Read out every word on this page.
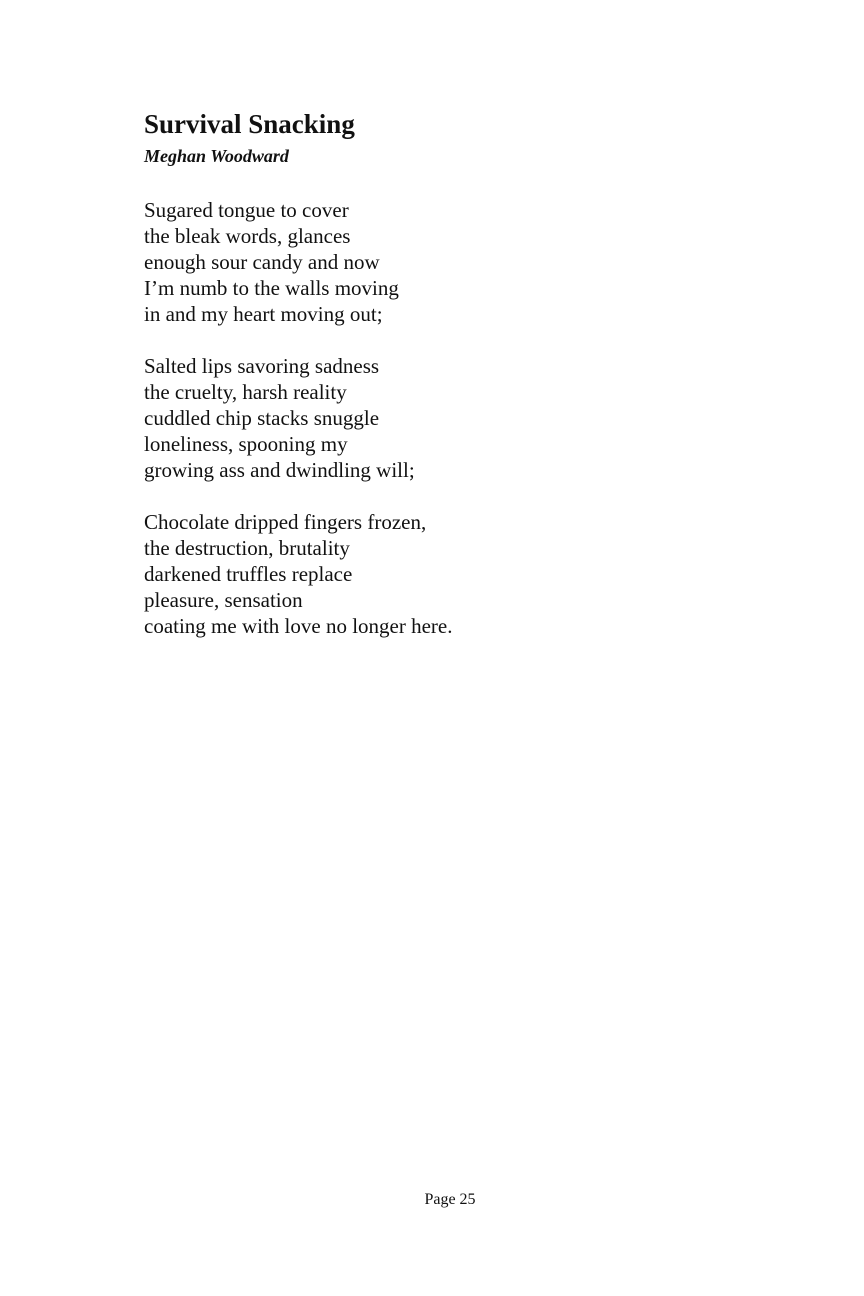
Survival Snacking

Meghan Woodward

Sugared tongue to cover
the bleak words, glances
enough sour candy and now
I’m numb to the walls moving
in and my heart moving out;
Salted lips savoring sadness
the cruelty, harsh reality
cuddled chip stacks snuggle
loneliness, spooning my
growing ass and dwindling will;
Chocolate dripped fingers frozen,
the destruction, brutality
darkened truffles replace
pleasure, sensation
coating me with love no longer here.
Page 25
